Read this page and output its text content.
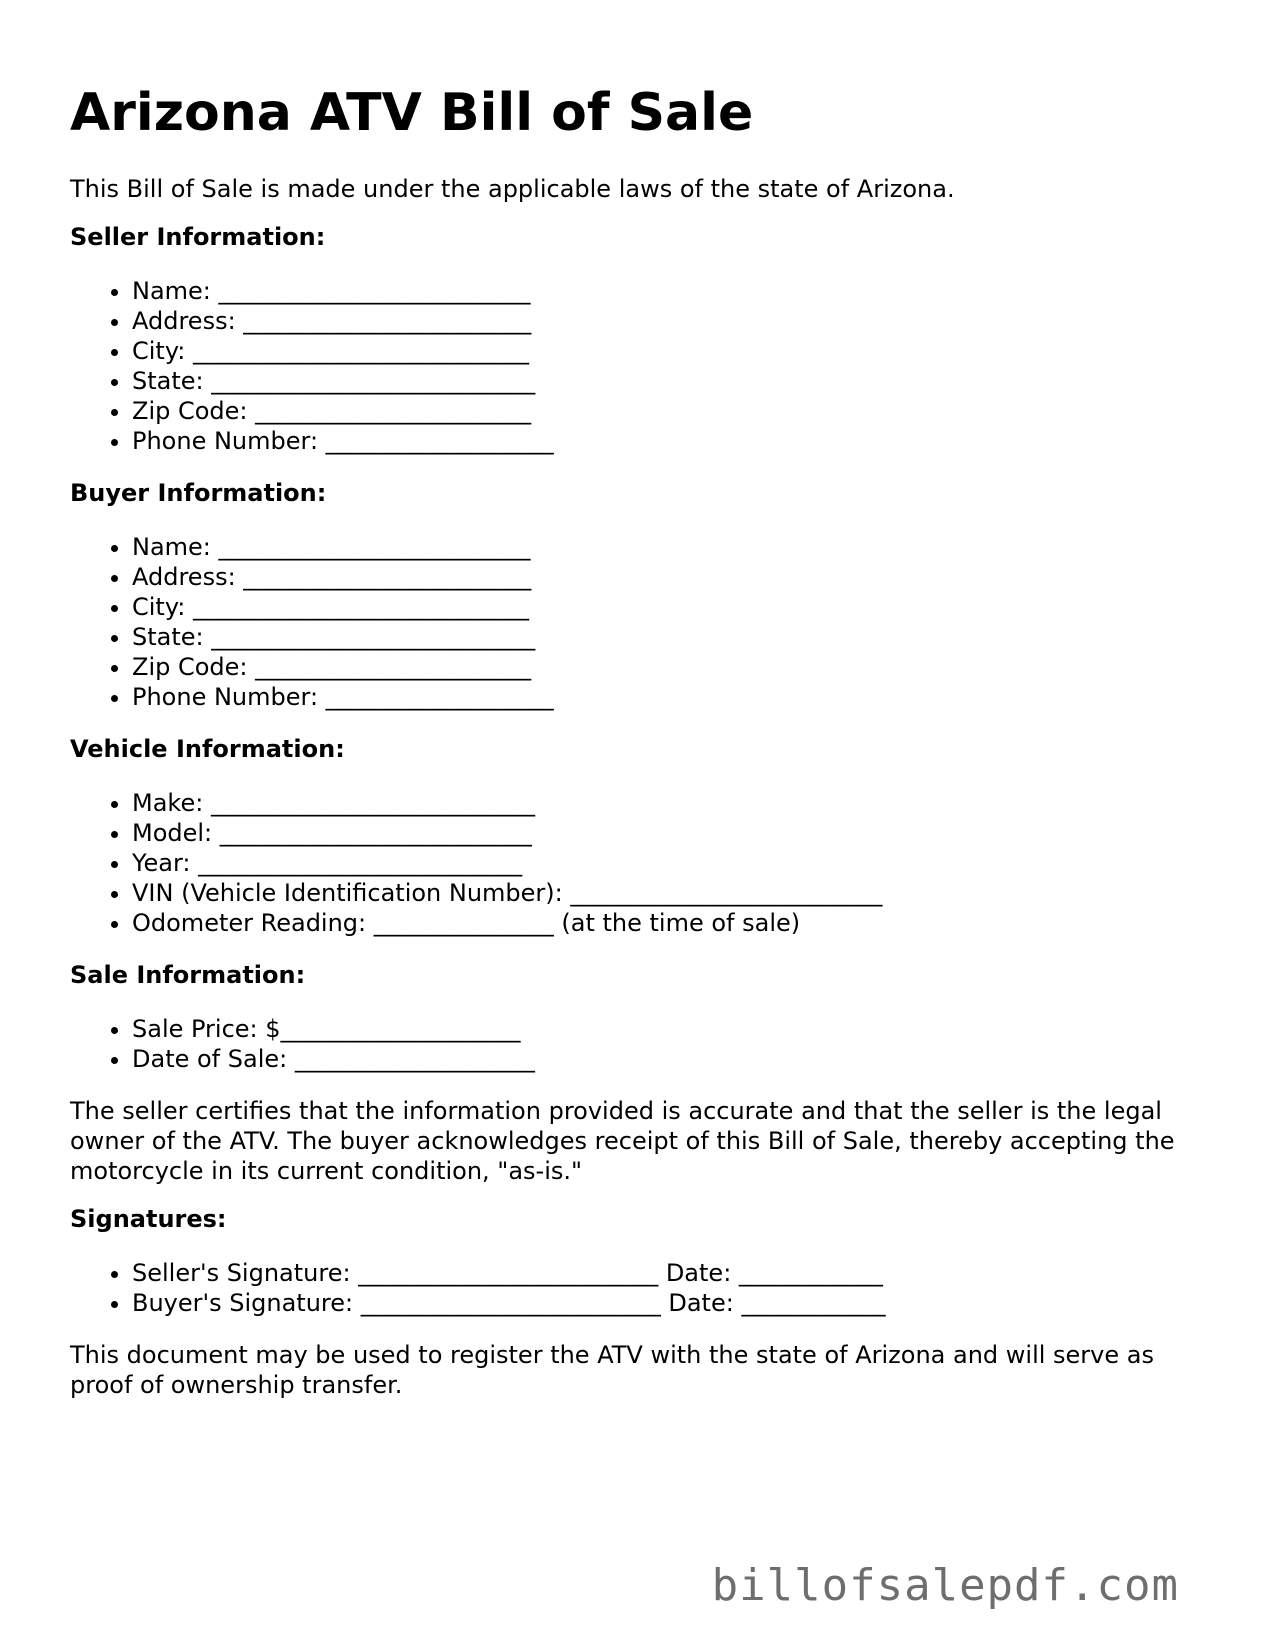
Arizona ATV Bill of Sale

This Bill of Sale is made under the applicable laws of the state of Arizona.

Seller Information:
• Name: __________________________
• Address: ________________________
• City: ____________________________
• State: ___________________________
• Zip Code: _______________________
• Phone Number: ___________________
Buyer Information:
• Name: __________________________
• Address: ________________________
• City: ____________________________
• State: ___________________________
• Zip Code: _______________________
• Phone Number: ___________________
Vehicle Information:
• Make: ___________________________
• Model: __________________________
• Year: ___________________________
• VIN (Vehicle Identification Number): __________________________
• Odometer Reading: _______________ (at the time of sale)
Sale Information:
• Sale Price: $____________________
• Date of Sale: ____________________

The seller certifies that the information provided is accurate and that the seller is the legal owner of the ATV. The buyer acknowledges receipt of this Bill of Sale, thereby accepting the motorcycle in its current condition, "as-is."

Signatures:
• Seller's Signature: _________________________ Date: ____________
• Buyer's Signature: _________________________ Date: ____________

This document may be used to register the ATV with the state of Arizona and will serve as proof of ownership transfer.

billofsalepdf.com
